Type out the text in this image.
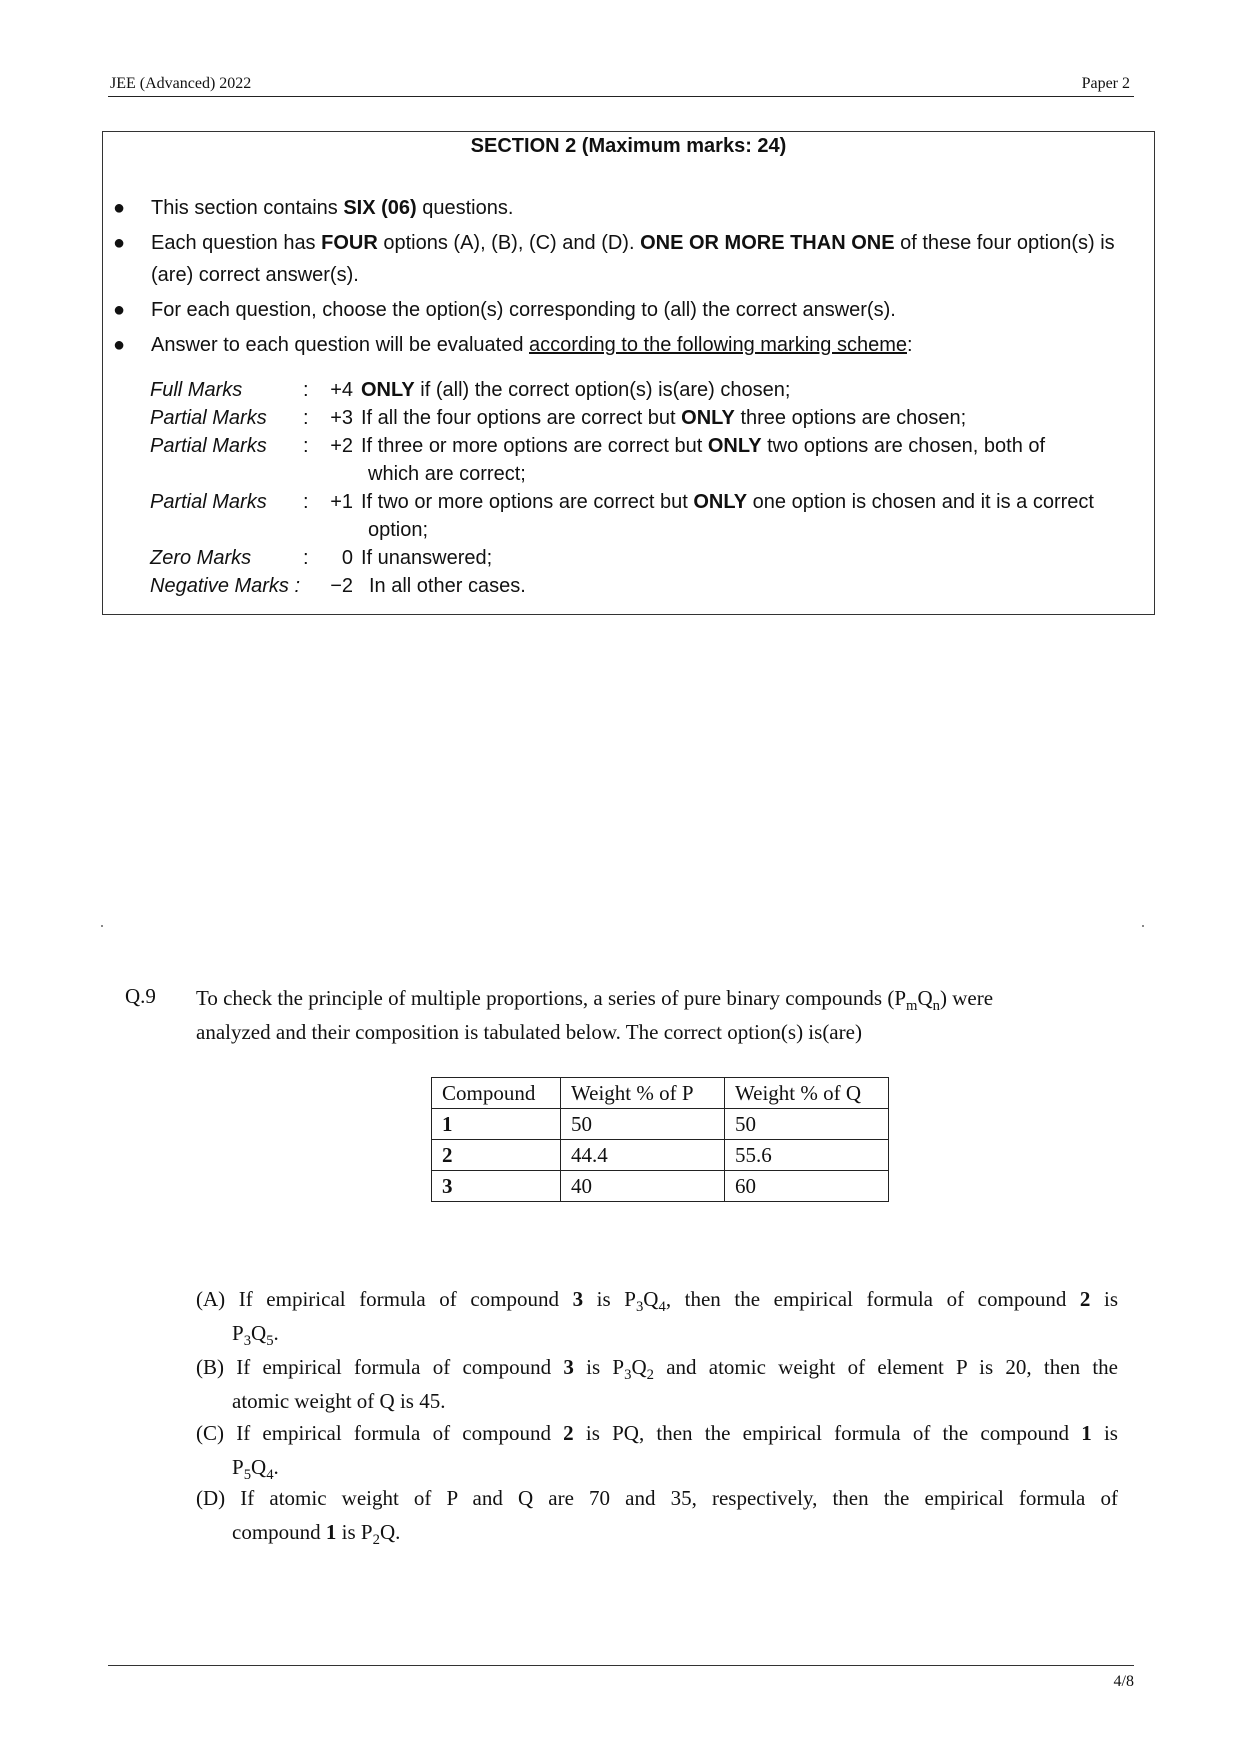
JEE (Advanced) 2022	Paper 2
SECTION 2 (Maximum marks: 24)
● This section contains SIX (06) questions.
● Each question has FOUR options (A), (B), (C) and (D). ONE OR MORE THAN ONE of these four option(s) is
(are) correct answer(s).
● For each question, choose the option(s) corresponding to (all) the correct answer(s).
● Answer to each question will be evaluated according to the following marking scheme:
Full Marks	:	+4 ONLY if (all) the correct option(s) is(are) chosen;
Partial Marks :	+3 If all the four options are correct but ONLY three options are chosen;
Partial Marks :	+2 If three or more options are correct but ONLY two options are chosen, both of
which are correct;
Partial Marks :	+1 If two or more options are correct but ONLY one option is chosen and it is a correct
option;
Zero Marks	:	0 If unanswered;
Negative Marks :	−2 In all other cases.
Q.9 To check the principle of multiple proportions, a series of pure binary compounds $(P_mQ_n)$ were
analyzed and their composition is tabulated below. The correct option(s) is(are)
Compound	Weight % of P	Weight % of Q
1	50	50
2	44.4	55.6
3	40	60
(A) If empirical formula of compound 3 is $P_3Q_4$, then the empirical formula of compound 2 is
$P_3Q_5$.
(B) If empirical formula of compound 3 is $P_3Q_2$ and atomic weight of element P is 20, then the
atomic weight of Q is 45.
(C) If empirical formula of compound 2 is PQ, then the empirical formula of the compound 1 is
$P_5Q_4$.
(D) If atomic weight of P and Q are 70 and 35, respectively, then the empirical formula of
compound 1 is $P_2Q$.
4/8
